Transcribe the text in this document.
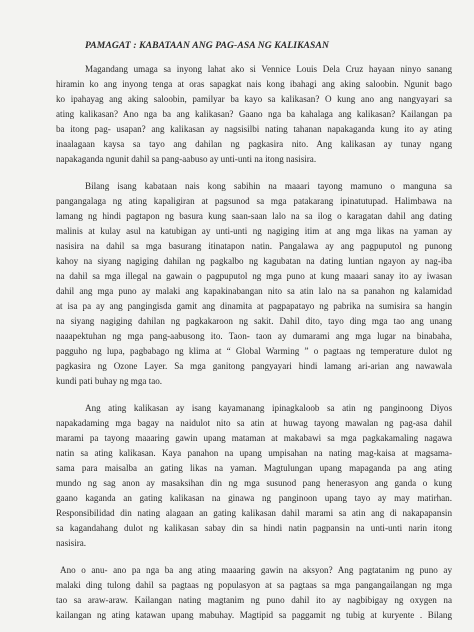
PAMAGAT : KABATAAN ANG PAG-ASA NG KALIKASAN
Magandang umaga sa inyong lahat ako si Vennice Louis Dela Cruz hayaan ninyo sanang
hiramin ko ang inyong tenga at oras sapagkat nais kong ibahagi ang aking saloobin. Ngunit bago
ko ipahayag ang aking saloobin, pamilyar ba kayo sa kalikasan? O kung ano ang nangyayari sa
ating kalikasan? Ano nga ba ang kalikasan? Gaano nga ba kahalaga ang kalikasan? Kailangan pa
ba itong pag- usapan? ang kalikasan ay nagsisilbi nating tahanan napakaganda kung ito ay ating
inaalagaan kaysa sa tayo ang dahilan ng pagkasira nito. Ang kalikasan ay tunay ngang
napakaganda ngunit dahil sa pang-aabuso ay unti-unti na itong nasisira.
Bilang isang kabataan nais kong sabihin na maaari tayong mamuno o manguna sa
pangangalaga ng ating kapaligiran at pagsunod sa mga patakarang ipinatutupad. Halimbawa na
lamang ng hindi pagtapon ng basura kung saan-saan lalo na sa ilog o karagatan dahil ang dating
malinis at kulay asul na katubigan ay unti-unti ng nagiging itim at ang mga likas na yaman ay
nasisira na dahil sa mga basurang itinatapon natin. Pangalawa ay ang pagpuputol ng punong
kahoy na siyang nagiging dahilan ng pagkalbo ng kagubatan na dating luntian ngayon ay nag-iba
na dahil sa mga illegal na gawain o pagpuputol ng mga puno at kung maaari sanay ito ay iwasan
dahil ang mga puno ay malaki ang kapakinabangan nito sa atin lalo na sa panahon ng kalamidad
at isa pa ay ang pangingisda gamit ang dinamita at pagpapatayo ng pabrika na sumisira sa hangin
na siyang nagiging dahilan ng pagkakaroon ng sakit. Dahil dito, tayo ding mga tao ang unang
naaapektuhan ng mga pang-aabusong ito. Taon- taon ay dumarami ang mga lugar na binabaha,
pagguho ng lupa, pagbabago ng klima at “ Global Warming ” o pagtaas ng temperature dulot ng
pagkasira ng Ozone Layer. Sa mga ganitong pangyayari hindi lamang ari-arian ang nawawala
kundi pati buhay ng mga tao.
Ang ating kalikasan ay isang kayamanang ipinagkaloob sa atin ng panginoong Diyos
napakadaming mga bagay na naidulot nito sa atin at huwag tayong mawalan ng pag-asa dahil
marami pa tayong maaaring gawin upang mataman at makabawi sa mga pagkakamaling nagawa
natin sa ating kalikasan. Kaya panahon na upang umpisahan na nating mag-kaisa at magsama-
sama para maisalba an gating likas na yaman. Magtulungan upang mapaganda pa ang ating
mundo ng sag anon ay masaksihan din ng mga susunod pang henerasyon ang ganda o kung
gaano kaganda an gating kalikasan na ginawa ng panginoon upang tayo ay may matirhan.
Responsibilidad din nating alagaan an gating kalikasan dahil marami sa atin ang di nakapapansin
sa kagandahang dulot ng kalikasan sabay din sa hindi natin pagpansin na unti-unti narin itong
nasisira.
Ano o anu- ano pa nga ba ang ating maaaring gawin na aksyon? Ang pagtatanim ng puno ay
malaki ding tulong dahil sa pagtaas ng populasyon at sa pagtaas sa mga pangangailangan ng mga
tao sa araw-araw. Kailangan nating magtanim ng puno dahil ito ay nagbibigay ng oxygen na
kailangan ng ating katawan upang mabuhay. Magtipid sa paggamit ng tubig at kuryente . Bilang
